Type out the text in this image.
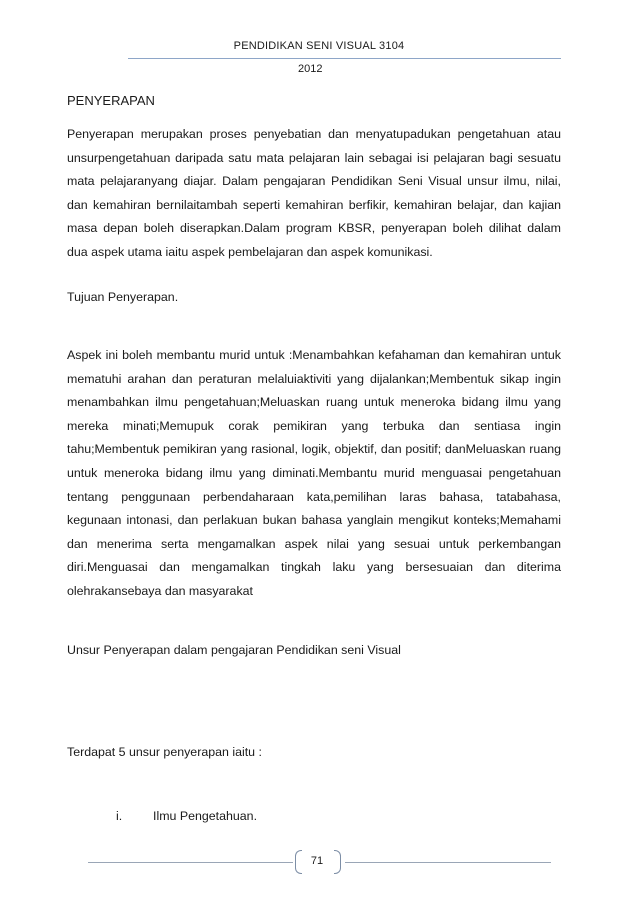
PENDIDIKAN SENI VISUAL 3104
2012
PENYERAPAN

Penyerapan merupakan proses penyebatian dan menyatupadukan pengetahuan atau unsurpengetahuan daripada satu mata pelajaran lain sebagai isi pelajaran bagi sesuatu mata pelajaranyang diajar. Dalam pengajaran Pendidikan Seni Visual unsur ilmu, nilai, dan kemahiran bernilaitambah seperti kemahiran berfikir, kemahiran belajar, dan kajian masa depan boleh diserapkan.Dalam program KBSR, penyerapan boleh dilihat dalam dua aspek utama iaitu aspek pembelajaran dan aspek komunikasi.

Tujuan Penyerapan.

Aspek ini boleh membantu murid untuk :Menambahkan kefahaman dan kemahiran untuk mematuhi arahan dan peraturan melaluiaktiviti yang dijalankan;Membentuk sikap ingin menambahkan ilmu pengetahuan;Meluaskan ruang untuk meneroka bidang ilmu yang mereka minati;Memupuk corak pemikiran yang terbuka dan sentiasa ingin tahu;Membentuk pemikiran yang rasional, logik, objektif, dan positif; danMeluaskan ruang untuk meneroka bidang ilmu yang diminati.Membantu murid menguasai pengetahuan tentang penggunaan perbendaharaan kata,pemilihan laras bahasa, tatabahasa, kegunaan intonasi, dan perlakuan bukan bahasa yanglain mengikut konteks;Memahami dan menerima serta mengamalkan aspek nilai yang sesuai untuk perkembangan diri.Menguasai dan mengamalkan tingkah laku yang bersesuaian dan diterima olehrakansebaya dan masyarakat

Unsur Penyerapan dalam pengajaran Pendidikan seni Visual

Terdapat 5 unsur penyerapan iaitu :

i. Ilmu Pengetahuan.
71
